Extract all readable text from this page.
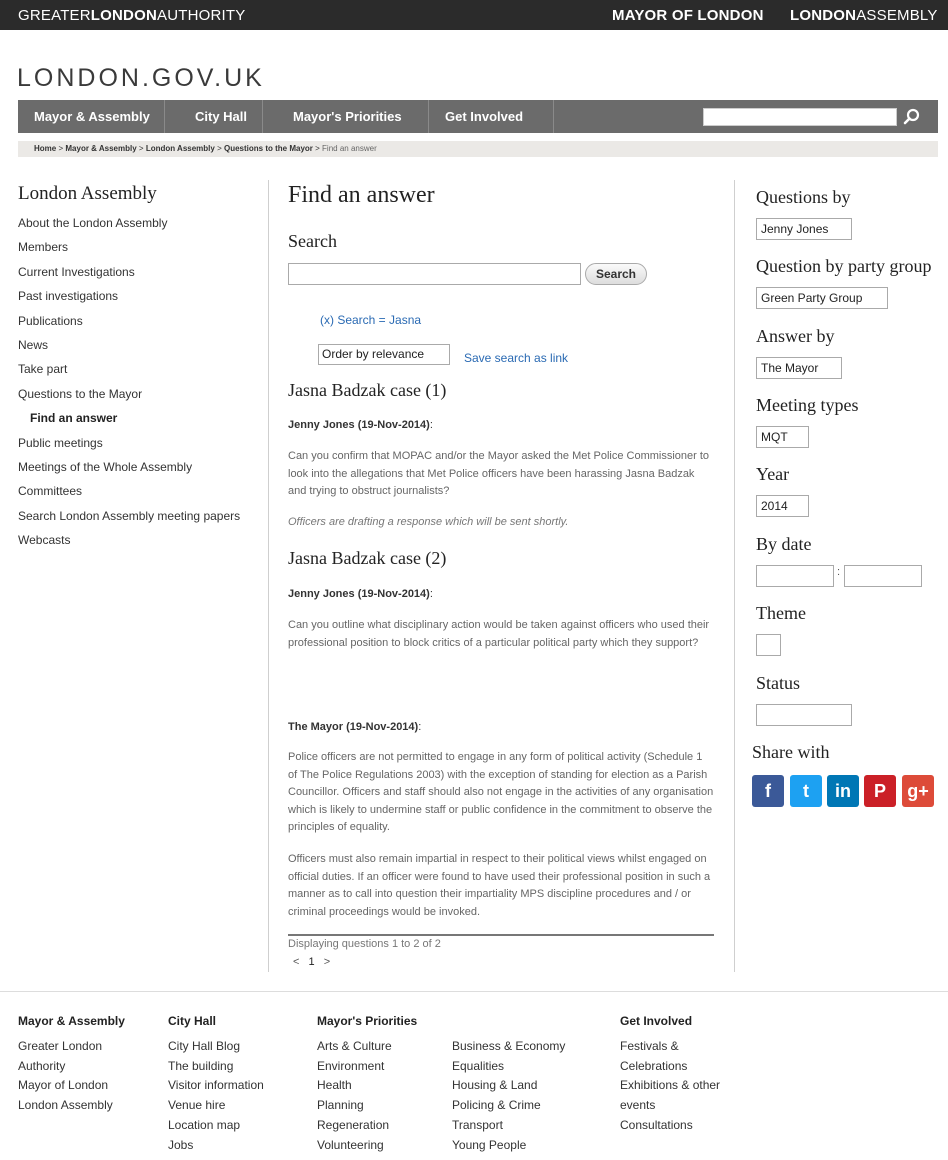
GREATERLONDONAUTHORITY	MAYOR OF LONDON LONDONASSEMBLY
LONDON.GOV.UK
Mayor & Assembly	City Hall	Mayor's Priorities	Get Involved
Home > Mayor & Assembly > London Assembly > Questions to the Mayor > Find an answer
London Assembly
About the London Assembly
Members
Current Investigations
Past investigations
Publications
News
Take part
Questions to the Mayor
Find an answer
Public meetings
Meetings of the Whole Assembly
Committees
Search London Assembly meeting papers
Webcasts
Find an answer
Search
Search
(x) Search = Jasna
Order by relevance	Save search as link
Jasna Badzak case (1)
Jenny Jones (19-Nov-2014):
Can you confirm that MOPAC and/or the Mayor asked the Met Police Commissioner to look into the allegations that Met Police officers have been harassing Jasna Badzak and trying to obstruct journalists?
Officers are drafting a response which will be sent shortly.
Jasna Badzak case (2)
Jenny Jones (19-Nov-2014):
Can you outline what disciplinary action would be taken against officers who used their professional position to block critics of a particular political party which they support?
The Mayor (19-Nov-2014):
Police officers are not permitted to engage in any form of political activity (Schedule 1 of The Police Regulations 2003) with the exception of standing for election as a Parish Councillor. Officers and staff should also not engage in the activities of any organisation which is likely to undermine staff or public confidence in the commitment to observe the principles of equality.
Officers must also remain impartial in respect to their political views whilst engaged on official duties. If an officer were found to have used their professional position in such a manner as to call into question their impartiality MPS discipline procedures and / or criminal proceedings would be invoked.
Displaying questions 1 to 2 of 2
< 1 >
Questions by
Jenny Jones
Question by party group
Green Party Group
Answer by
The Mayor
Meeting types
MQT
Year
2014
By date
:
Theme
Status
Share with
f	t	in	P	g+
Mayor & Assembly
Greater London
Authority
Mayor of London
London Assembly
City Hall
City Hall Blog
The building
Visitor information
Venue hire
Location map
Jobs
Mayor's Priorities
Arts & Culture
Environment
Health
Planning
Regeneration
Volunteering
Business & Economy
Equalities
Housing & Land
Policing & Crime
Transport
Young People
Get Involved
Festivals &
Celebrations
Exhibitions & other
events
Consultations
